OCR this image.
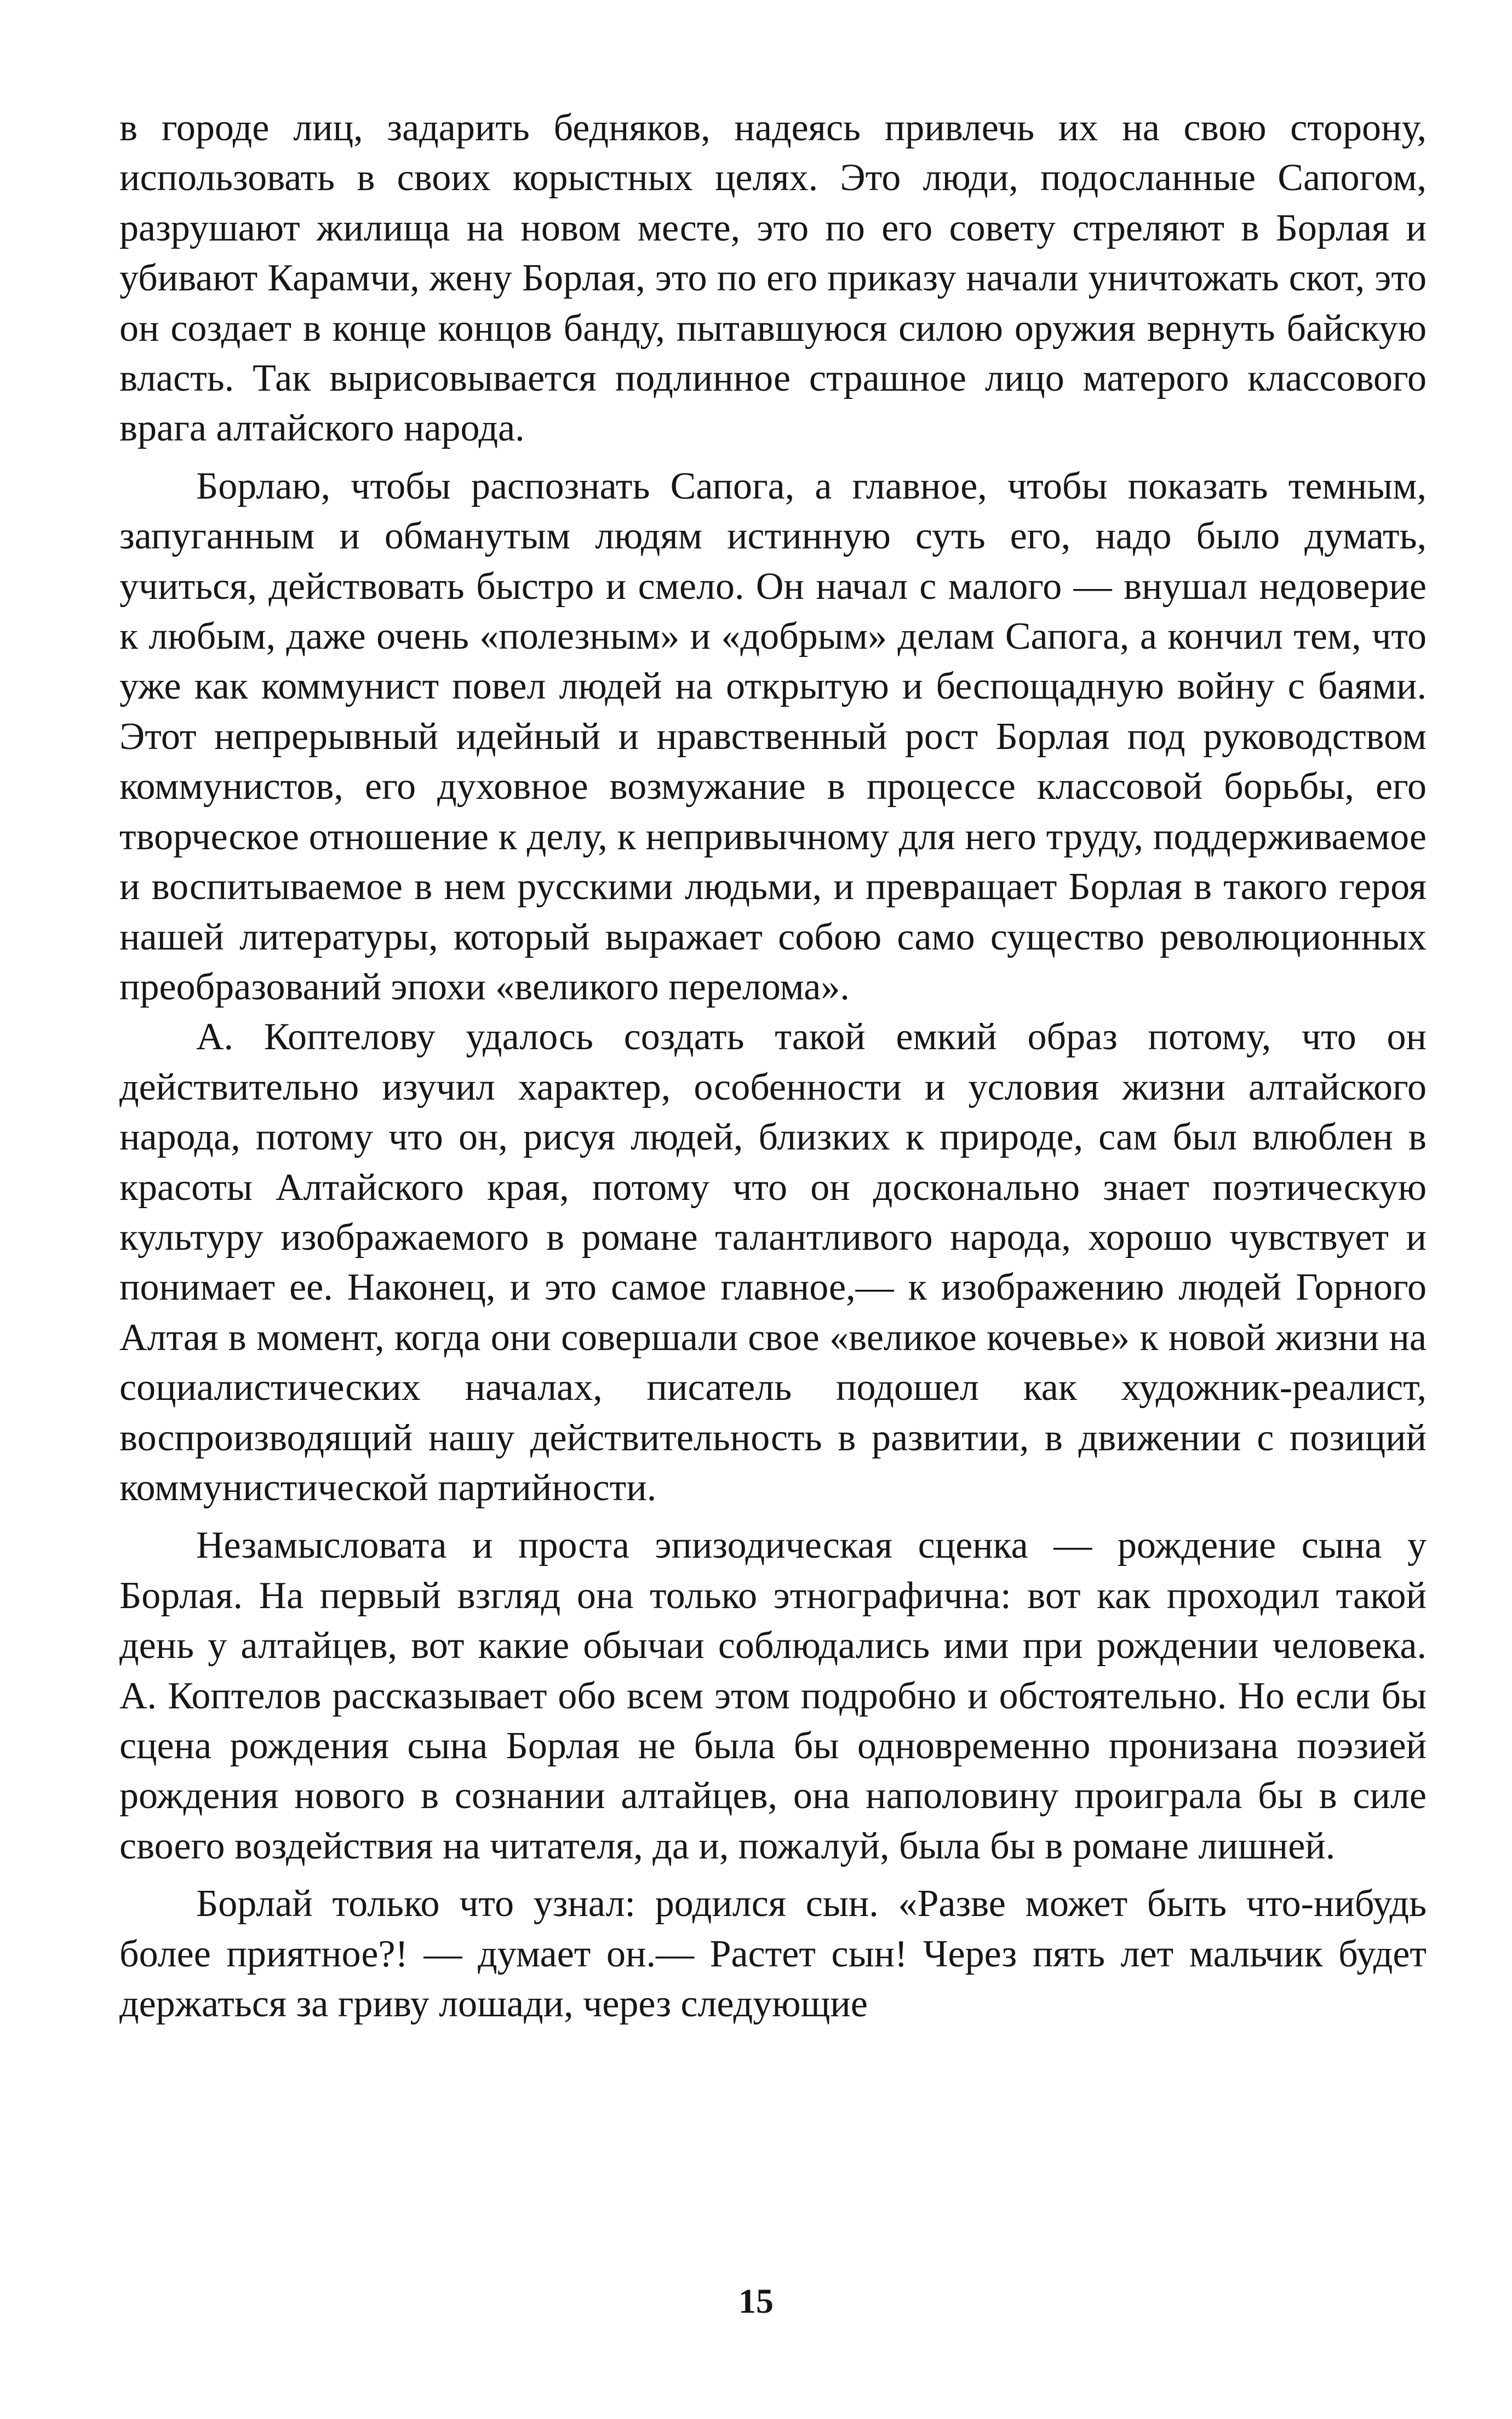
в городе лиц, задарить бедняков, надеясь привлечь их на свою сторону, использовать в своих корыстных целях. Это люди, подосланные Сапогом, разрушают жилища на новом месте, это по его совету стреляют в Борлая и убивают Карамчи, жену Борлая, это по его приказу начали уничтожать скот, это он создает в конце концов банду, пытавшуюся силою оружия вернуть байскую власть. Так вырисовывается подлинное страшное лицо матерого классового врага алтайского народа.

Борлаю, чтобы распознать Сапога, а главное, чтобы показать темным, запуганным и обманутым людям истинную суть его, надо было думать, учиться, действовать быстро и смело. Он начал с малого — внушал недоверие к любым, даже очень «полезным» и «добрым» делам Сапога, а кончил тем, что уже как коммунист повел людей на открытую и беспощадную войну с баями. Этот непрерывный идейный и нравственный рост Борлая под руководством коммунистов, его духовное возмужание в процессе классовой борьбы, его творческое отношение к делу, к непривычному для него труду, поддерживаемое и воспитываемое в нем русскими людьми, и превращает Борлая в такого героя нашей литературы, который выражает собою само существо революционных преобразований эпохи «великого перелома».

А. Коптелову удалось создать такой емкий образ потому, что он действительно изучил характер, особенности и условия жизни алтайского народа, потому что он, рисуя людей, близких к природе, сам был влюблен в красоты Алтайского края, потому что он досконально знает поэтическую культуру изображаемого в романе талантливого народа, хорошо чувствует и понимает ее. Наконец, и это самое главное,— к изображению людей Горного Алтая в момент, когда они совершали свое «великое кочевье» к новой жизни на социалистических началах, писатель подошел как художник-реалист, воспроизводящий нашу действительность в развитии, в движении с позиций коммунистической партийности.

Незамысловата и проста эпизодическая сценка — рождение сына у Борлая. На первый взгляд она только этнографична: вот как проходил такой день у алтайцев, вот какие обычаи соблюдались ими при рождении человека. А. Коптелов рассказывает обо всем этом подробно и обстоятельно. Но если бы сцена рождения сына Борлая не была бы одновременно пронизана поэзией рождения нового в сознании алтайцев, она наполовину проиграла бы в силе своего воздействия на читателя, да и, пожалуй, была бы в романе лишней.

Борлай только что узнал: родился сын. «Разве может быть что-нибудь более приятное?! — думает он.— Растет сын! Через пять лет мальчик будет держаться за гриву лошади, через следующие

15
